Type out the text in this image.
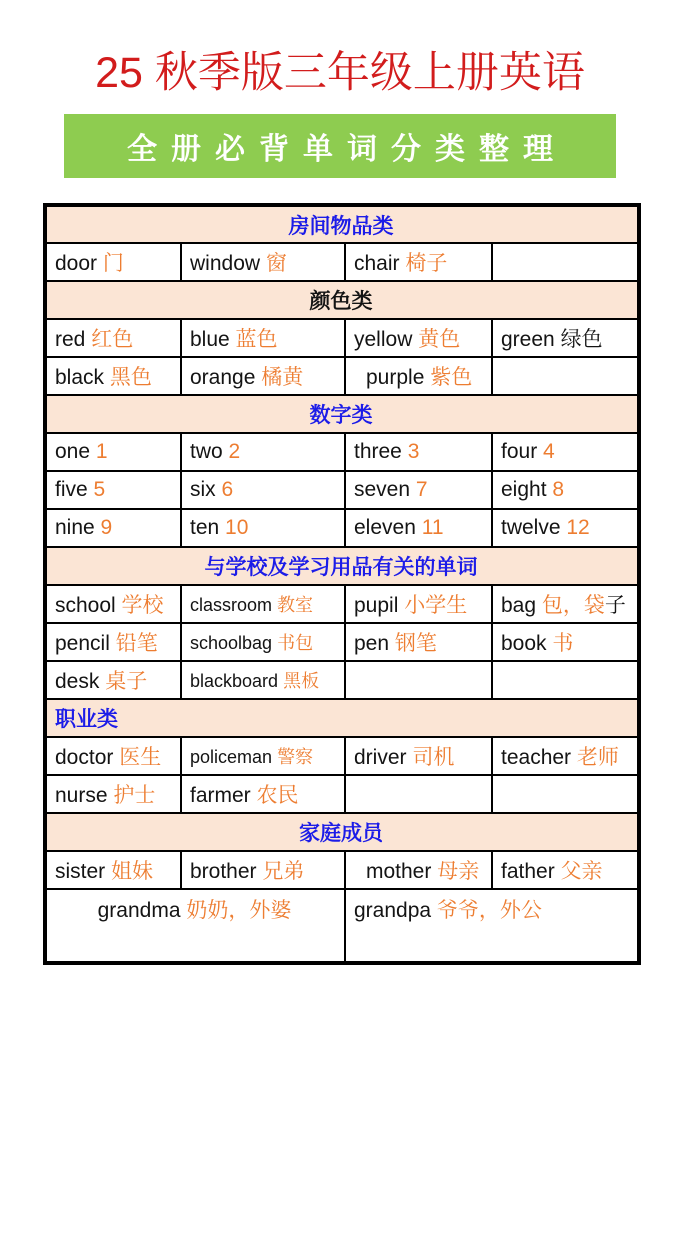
25 秋季版三年级上册英语
全册必背单词分类整理
房间物品类			
door 门	window 窗	chair 椅子	
颜色类			
red 红色	blue 蓝色	yellow 黄色	green 绿色
black 黑色	orange 橘黄	purple 紫色	
数字类			
one 1	two 2	three 3	four 4
five 5	six 6	seven 7	eight 8
nine 9	ten 10	eleven 11	twelve 12
与学校及学习用品有关的单词			
school 学校	classroom 教室	pupil 小学生	bag 包，袋子
pencil 铅笔	schoolbag 书包	pen 钢笔	book 书
desk 桌子	blackboard 黑板		
职业类			
doctor 医生	policeman 警察	driver 司机	teacher 老师
nurse 护士	farmer 农民		
家庭成员			
sister 姐妹	brother 兄弟	mother 母亲	father 父亲
grandma 奶奶，外婆		grandpa 爷爷，外公	
